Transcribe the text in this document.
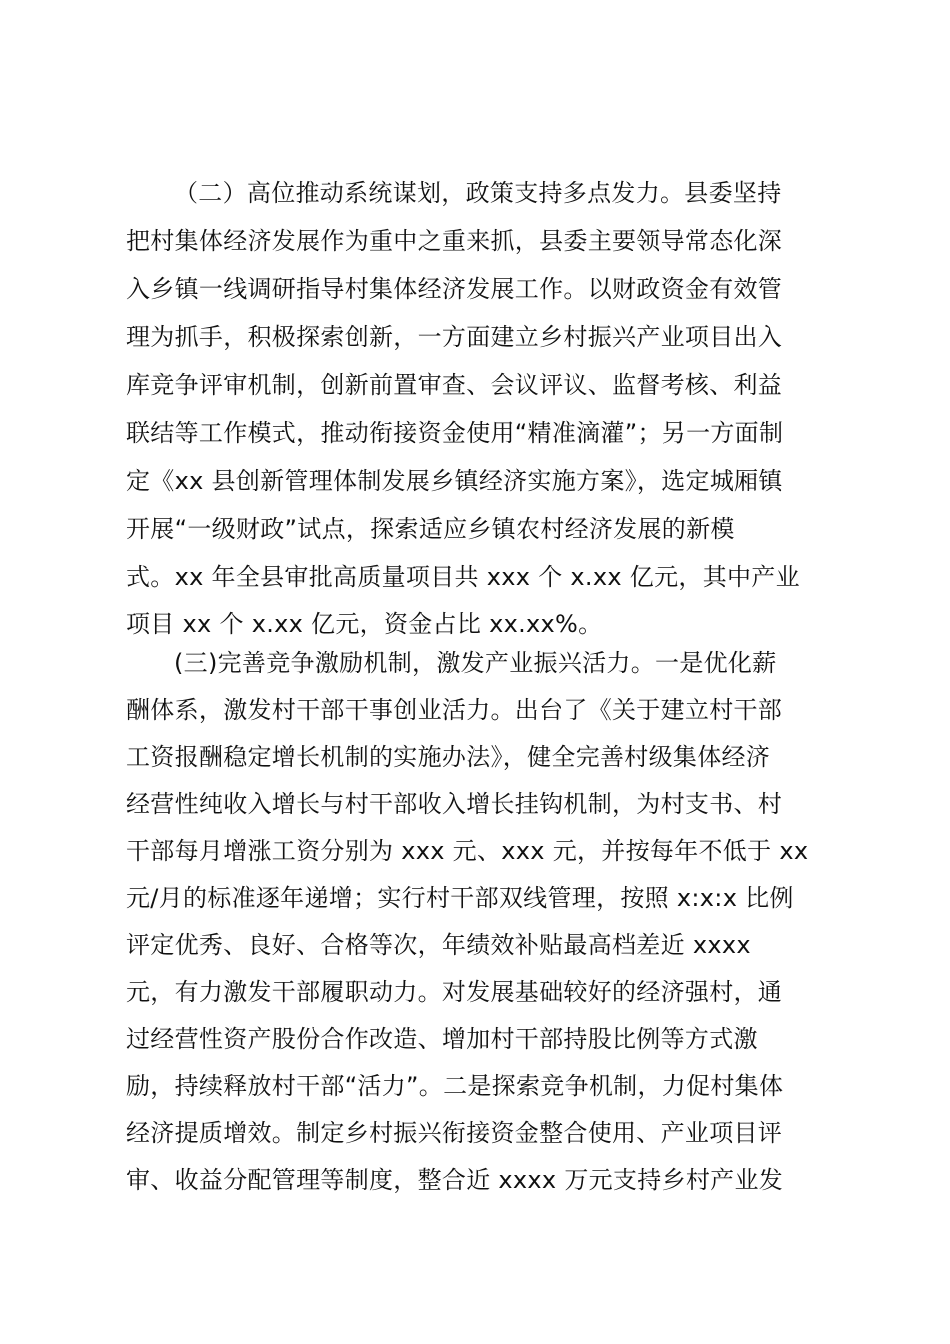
（二）高位推动系统谋划，政策支持多点发力。县委坚持
把村集体经济发展作为重中之重来抓，县委主要领导常态化深
入乡镇一线调研指导村集体经济发展工作。以财政资金有效管
理为抓手，积极探索创新，一方面建立乡村振兴产业项目出入
库竞争评审机制，创新前置审查、会议评议、监督考核、利益
联结等工作模式，推动衔接资金使用“精准滴灌”；另一方面制
定《xx 县创新管理体制发展乡镇经济实施方案》，选定城厢镇
开展“一级财政”试点，探索适应乡镇农村经济发展的新模
式。xx 年全县审批高质量项目共 xxx 个 x.xx 亿元，其中产业
项目 xx 个 x.xx 亿元，资金占比 xx.xx%。
(三)完善竞争激励机制，激发产业振兴活力。一是优化薪
酬体系，激发村干部干事创业活力。出台了《关于建立村干部
工资报酬稳定增长机制的实施办法》，健全完善村级集体经济
经营性纯收入增长与村干部收入增长挂钩机制，为村支书、村
干部每月增涨工资分别为 xxx 元、xxx 元，并按每年不低于 xx
元/月的标准逐年递增；实行村干部双线管理，按照 x:x:x 比例
评定优秀、良好、合格等次，年绩效补贴最高档差近 xxxx
元，有力激发干部履职动力。对发展基础较好的经济强村，通
过经营性资产股份合作改造、增加村干部持股比例等方式激
励，持续释放村干部“活力”。二是探索竞争机制，力促村集体
经济提质增效。制定乡村振兴衔接资金整合使用、产业项目评
审、收益分配管理等制度，整合近 xxxx 万元支持乡村产业发
